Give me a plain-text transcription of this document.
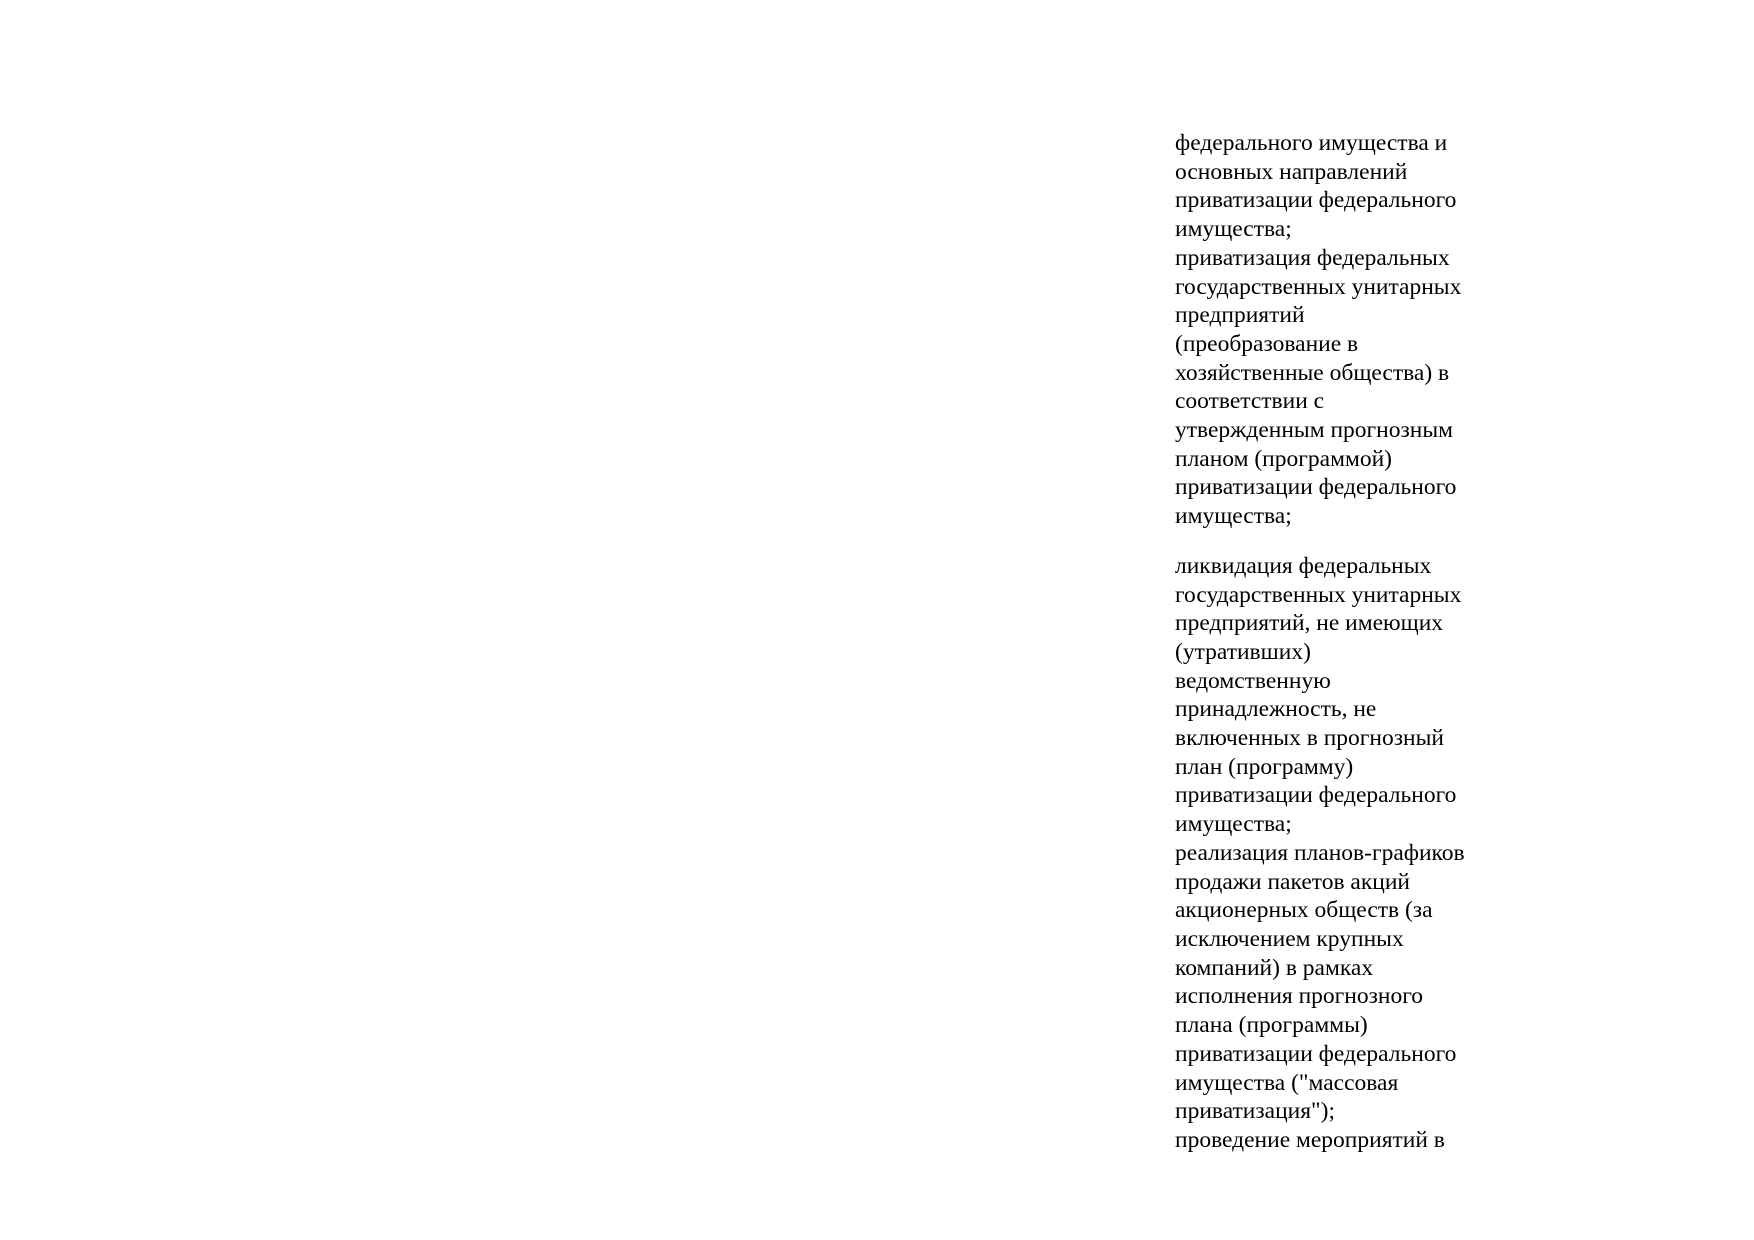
федерального имущества и
основных направлений
приватизации федерального
имущества;

приватизация федеральных
государственных унитарных
предприятий
(преобразование в
хозяйственные общества) в
соответствии с
утвержденным прогнозным
планом (программой)
приватизации федерального
имущества;

ликвидация федеральных
государственных унитарных
предприятий, не имеющих
(утративших)
ведомственную
принадлежность, не
включенных в прогнозный
план (программу)
приватизации федерального
имущества;

реализация планов-графиков
продажи пакетов акций
акционерных обществ (за
исключением крупных
компаний) в рамках
исполнения прогнозного
плана (программы)
приватизации федерального
имущества ("массовая
приватизация");

проведение мероприятий в
